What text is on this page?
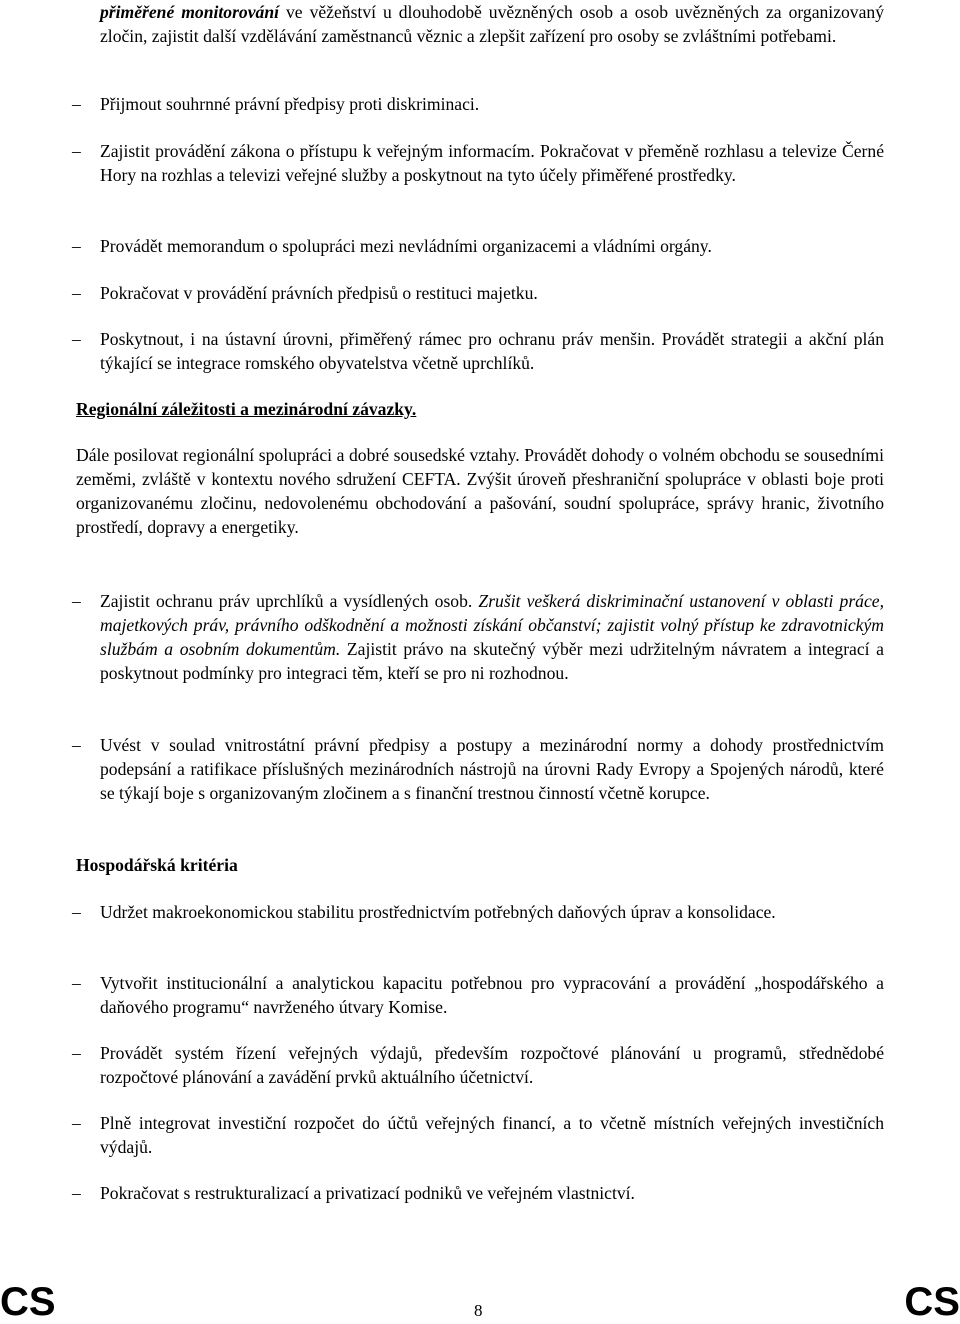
přiměřené monitorování ve věžeňství u dlouhodobě uvězněných osob a osob uvězněných za organizovaný zločin, zajistit další vzdělávání zaměstnanců věznic a zlepšit zařízení pro osoby se zvláštními potřebami.
– Přijmout souhrnné právní předpisy proti diskriminaci.
– Zajistit provádění zákona o přístupu k veřejným informacím. Pokračovat v přeměně rozhlasu a televize Černé Hory na rozhlas a televizi veřejné služby a poskytnout na tyto účely přiměřené prostředky.
– Provádět memorandum o spolupráci mezi nevládními organizacemi a vládními orgány.
– Pokračovat v provádění právních předpisů o restituci majetku.
– Poskytnout, i na ústavní úrovni, přiměřený rámec pro ochranu práv menšin. Provádět strategii a akční plán týkající se integrace romského obyvatelstva včetně uprchlíků.
Regionální záležitosti a mezinárodní závazky.
Dále posilovat regionální spolupráci a dobré sousedské vztahy. Provádět dohody o volném obchodu se sousedními zeměmi, zvláště v kontextu nového sdružení CEFTA. Zvýšit úroveň přeshraniční spolupráce v oblasti boje proti organizovanému zločinu, nedovolenému obchodování a pašování, soudní spolupráce, správy hranic, životního prostředí, dopravy a energetiky.
– Zajistit ochranu práv uprchlíků a vysídlených osob. Zrušit veškerá diskriminační ustanovení v oblasti práce, majetkových práv, právního odškodnění a možnosti získání občanství; zajistit volný přístup ke zdravotnickým službám a osobním dokumentům. Zajistit právo na skutečný výběr mezi udržitelným návratem a integrací a poskytnout podmínky pro integraci těm, kteří se pro ni rozhodnou.
– Uvést v soulad vnitrostátní právní předpisy a postupy a mezinárodní normy a dohody prostřednictvím podepsání a ratifikace příslušných mezinárodních nástrojů na úrovni Rady Evropy a Spojených národů, které se týkají boje s organizovaným zločinem a s finanční trestnou činností včetně korupce.
Hospodářská kritéria
– Udržet makroekonomickou stabilitu prostřednictvím potřebných daňových úprav a konsolidace.
– Vytvořit institucionální a analytickou kapacitu potřebnou pro vypracování a provádění „hospodářského a daňového programu“ navrženého útvary Komise.
– Provádět systém řízení veřejných výdajů, především rozpočtové plánování u programů, střednědobé rozpočtové plánování a zavádění prvků aktuálního účetnictví.
– Plně integrovat investiční rozpočet do účtů veřejných financí, a to včetně místních veřejných investičních výdajů.
– Pokračovat s restrukturalizací a privatizací podniků ve veřejném vlastnictví.
CS	8	CS
